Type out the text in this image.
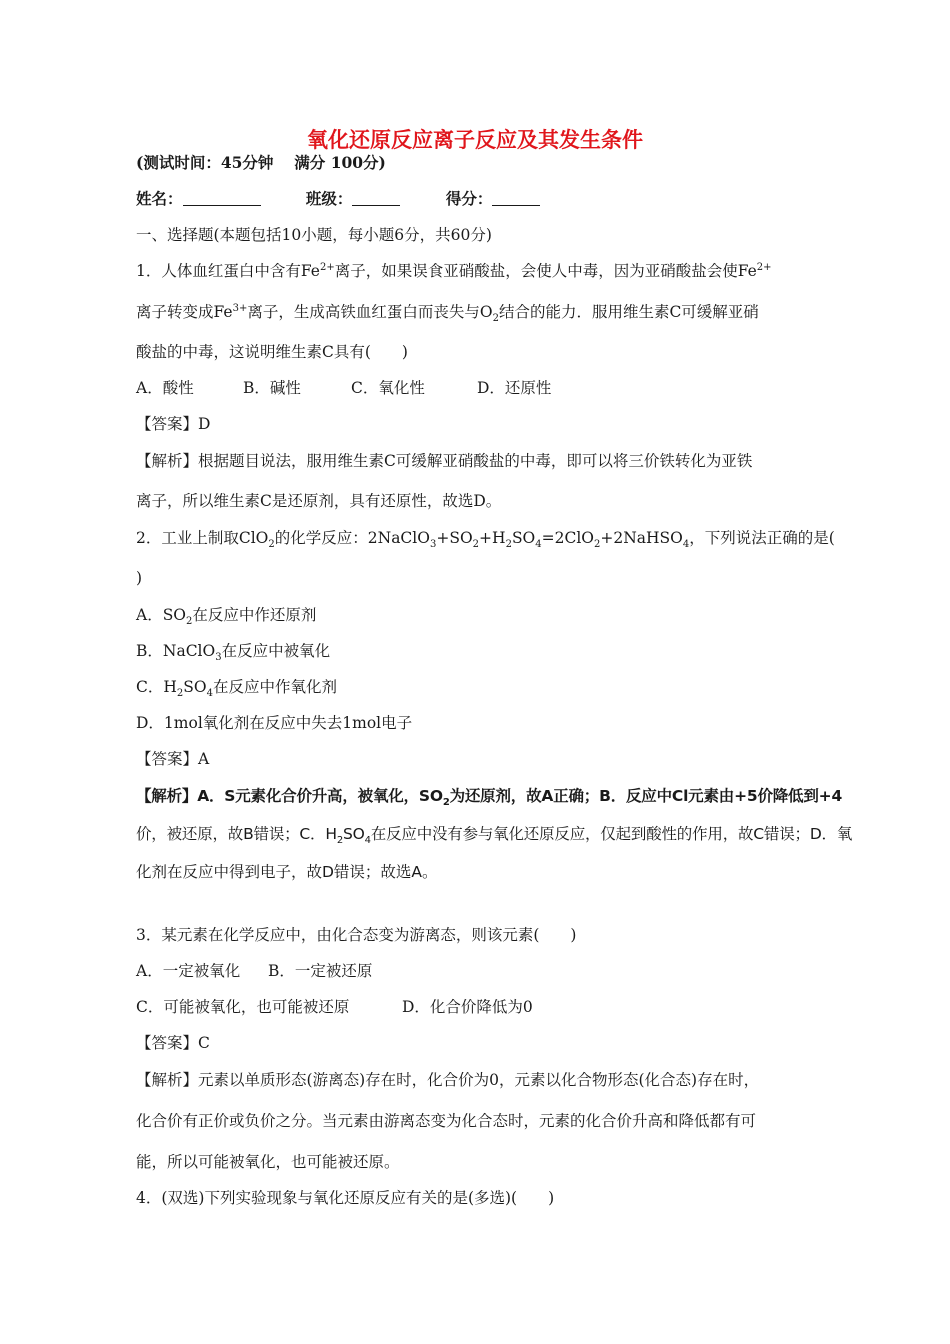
氧化还原反应离子反应及其发生条件
(测试时间：45分钟　 满分 100分)
姓名：	班级：	得分：
一、选择题(本题包括10小题，每小题6分，共60分)
1．人体血红蛋白中含有$Fe^{2+}$离子，如果误食亚硝酸盐，会使人中毒，因为亚硝酸盐会使$Fe^{2+}$
离子转变成$Fe^{3+}$离子，生成高铁血红蛋白而丧失与$O_2$结合的能力．服用维生素C可缓解亚硝
酸盐的中毒，这说明维生素C具有(　　)
A．酸性	B．碱性	C．氧化性	D．还原性
【答案】D
【解析】根据题目说法，服用维生素C可缓解亚硝酸盐的中毒，即可以将三价铁转化为亚铁
离子，所以维生素C是还原剂，具有还原性，故选D。
2．工业上制取ClO$_2$的化学反应：$2NaClO_3+SO_2+H_2SO_4=2ClO_2+2NaHSO_4$，下列说法正确的是(
)
A．$SO_2$在反应中作还原剂
B．NaClO$_3$在反应中被氧化
C．$H_2SO_4$在反应中作氧化剂
D．1mol氧化剂在反应中失去1mol电子
【答案】A
【解析】A．S元素化合价升高，被氧化，$SO_2$为还原剂，故A正确；B．反应中Cl元素由+5价降低到+4
价，被还原，故B错误；C．$H_2SO_4$在反应中没有参与氧化还原反应，仅起到酸性的作用，故C错误；D．氧
化剂在反应中得到电子，故D错误；故选A。
3．某元素在化学反应中，由化合态变为游离态，则该元素(　　)
A．一定被氧化 B．一定被还原
C．可能被氧化，也可能被还原	D．化合价降低为0
【答案】C
【解析】元素以单质形态(游离态)存在时，化合价为0，元素以化合物形态(化合态)存在时，
化合价有正价或负价之分。当元素由游离态变为化合态时，元素的化合价升高和降低都有可
能，所以可能被氧化，也可能被还原。
4．(双选)下列实验现象与氧化还原反应有关的是(多选)(　　)
